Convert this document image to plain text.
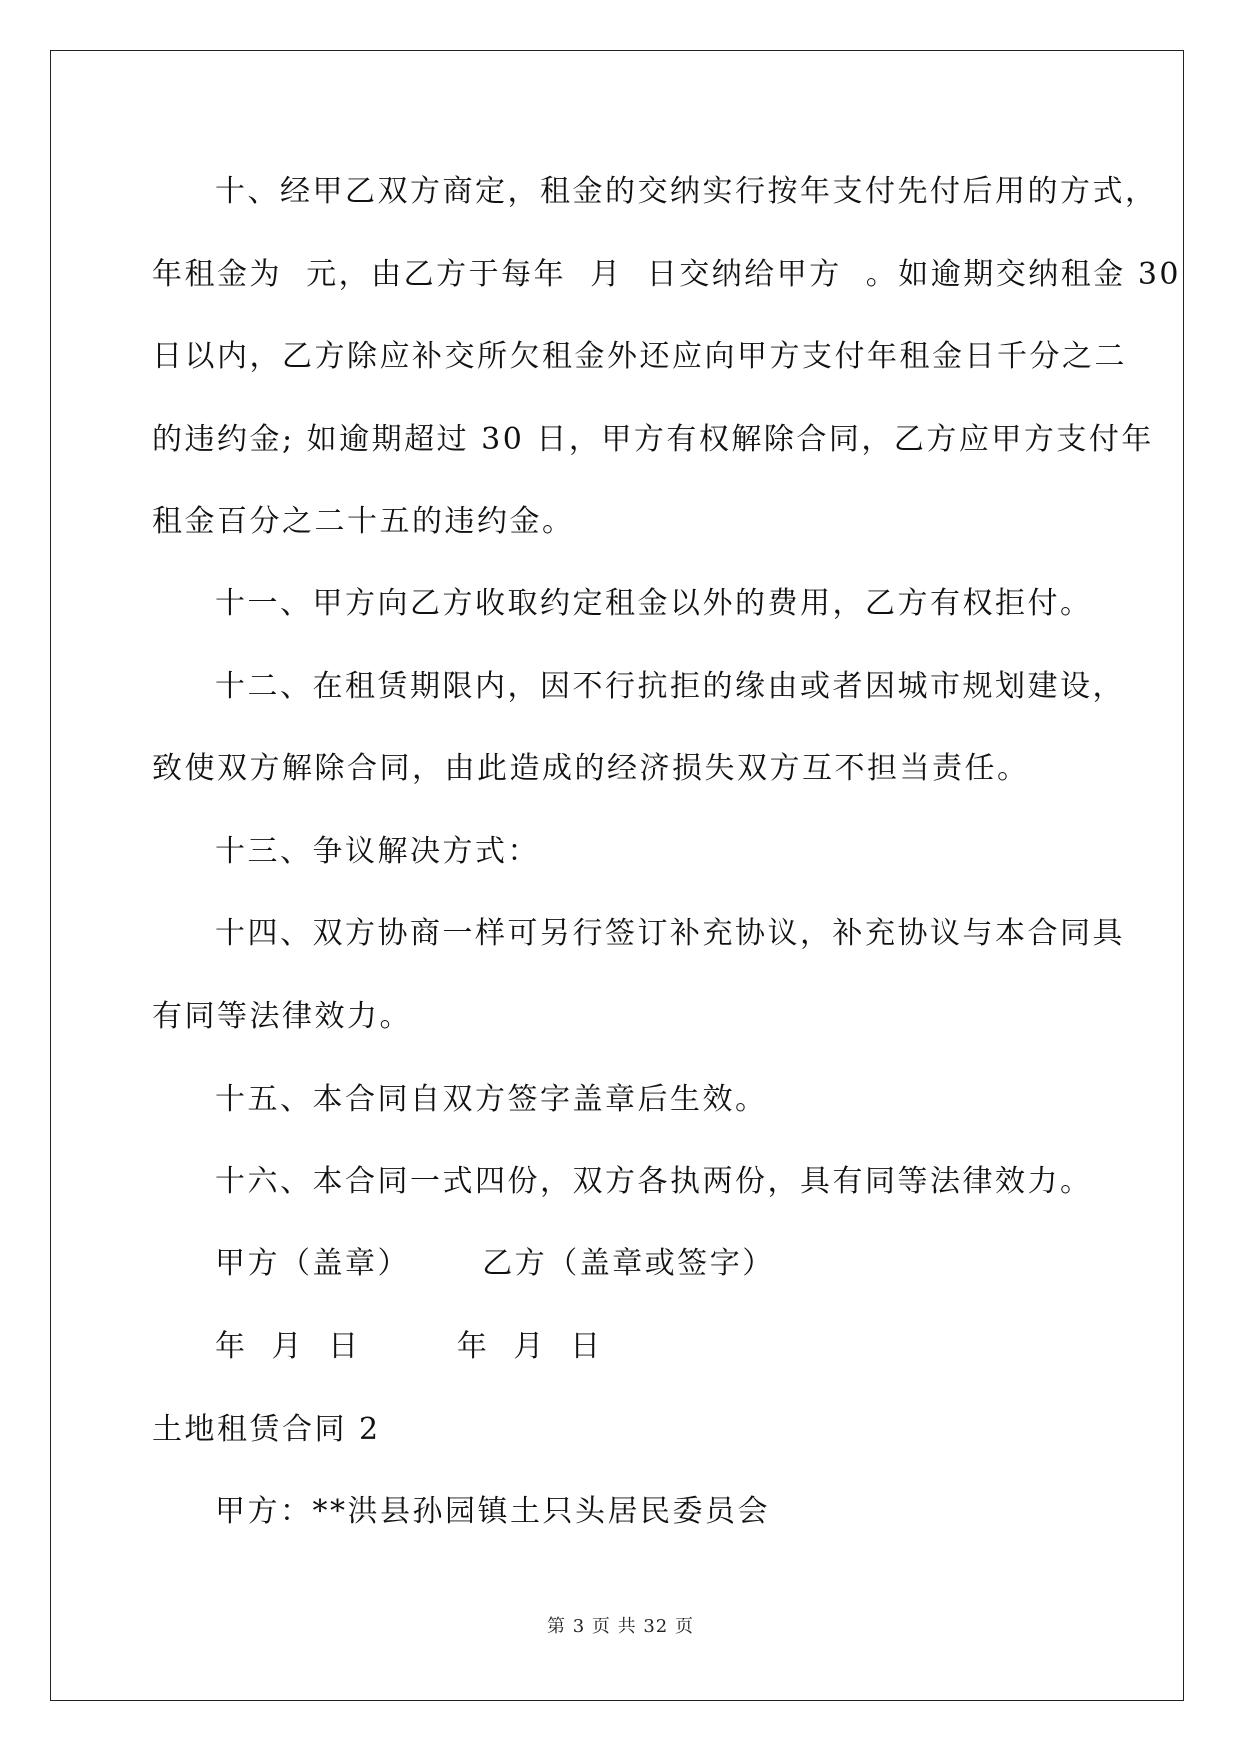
十、经甲乙双方商定，租金的交纳实行按年支付先付后用的方式，
年租金为  元，由乙方于每年  月  日交纳给甲方  。如逾期交纳租金 30
日以内，乙方除应补交所欠租金外还应向甲方支付年租金日千分之二
的违约金; 如逾期超过 30 日，甲方有权解除合同，乙方应甲方支付年
租金百分之二十五的违约金。
十一、甲方向乙方收取约定租金以外的费用，乙方有权拒付。
十二、在租赁期限内，因不行抗拒的缘由或者因城市规划建设，
致使双方解除合同，由此造成的经济损失双方互不担当责任。
十三、争议解决方式：
十四、双方协商一样可另行签订补充协议，补充协议与本合同具
有同等法律效力。
十五、本合同自双方签字盖章后生效。
十六、本合同一式四份，双方各执两份，具有同等法律效力。
甲方（盖章）      乙方（盖章或签字）
年  月  日        年  月  日
土地租赁合同 2
甲方：**洪县孙园镇土只头居民委员会
第 3 页 共 32 页
